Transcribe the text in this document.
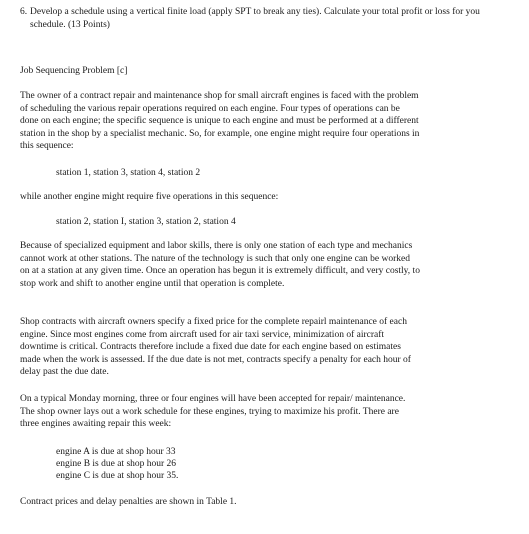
6. Develop a schedule using a vertical finite load (apply SPT to break any ties). Calculate your total profit or loss for you schedule. (13 Points)
Job Sequencing Problem [c]

The owner of a contract repair and maintenance shop for small aircraft engines is faced with the problem of scheduling the various repair operations required on each engine. Four types of operations can be done on each engine; the specific sequence is unique to each engine and must be performed at a different station in the shop by a specialist mechanic. So, for example, one engine might require four operations in this sequence:

station 1, station 3, station 4, station 2

while another engine might require five operations in this sequence:

station 2, station I, station 3, station 2, station 4

Because of specialized equipment and labor skills, there is only one station of each type and mechanics cannot work at other stations. The nature of the technology is such that only one engine can be worked on at a station at any given time. Once an operation has begun it is extremely difficult, and very costly, to stop work and shift to another engine until that operation is complete.

Shop contracts with aircraft owners specify a fixed price for the complete repairl maintenance of each engine. Since most engines come from aircraft used for air taxi service, minimization of aircraft downtime is critical. Contracts therefore include a fixed due date for each engine based on estimates made when the work is assessed. If the due date is not met, contracts specify a penalty for each hour of delay past the due date.

On a typical Monday morning, three or four engines will have been accepted for repair/ maintenance. The shop owner lays out a work schedule for these engines, trying to maximize his profit. There are three engines awaiting repair this week:

engine A is due at shop hour 33
engine B is due at shop hour 26
engine C is due at shop hour 35.

Contract prices and delay penalties are shown in Table 1.
